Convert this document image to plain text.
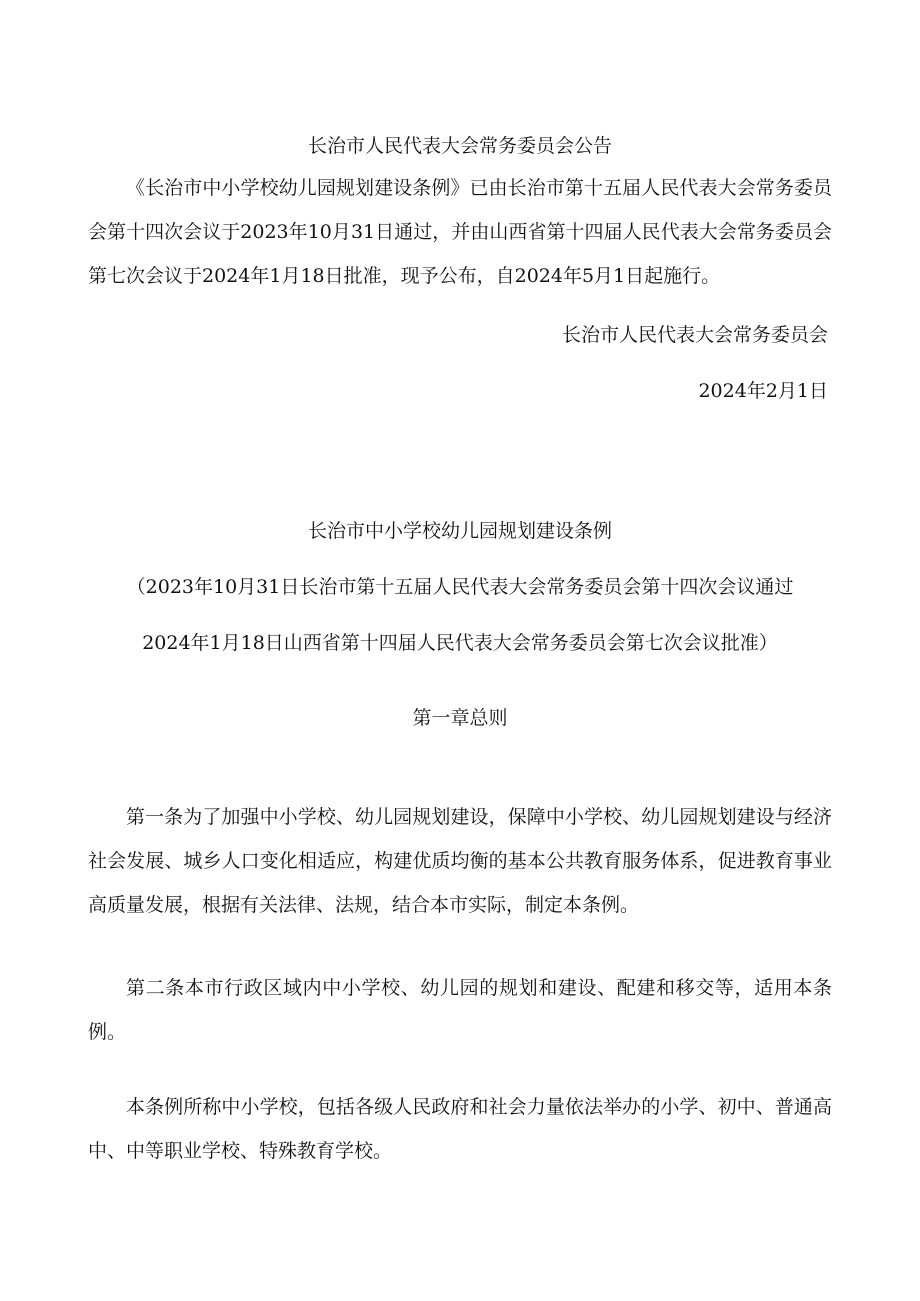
长治市人民代表大会常务委员会公告
《长治市中小学校幼儿园规划建设条例》已由长治市第十五届人民代表大会常务委员会第十四次会议于2023年10月31日通过，并由山西省第十四届人民代表大会常务委员会第七次会议于2024年1月18日批准，现予公布，自2024年5月1日起施行。
长治市人民代表大会常务委员会
2024年2月1日
长治市中小学校幼儿园规划建设条例
（2023年10月31日长治市第十五届人民代表大会常务委员会第十四次会议通过
2024年1月18日山西省第十四届人民代表大会常务委员会第七次会议批准）
第一章总则
第一条为了加强中小学校、幼儿园规划建设，保障中小学校、幼儿园规划建设与经济社会发展、城乡人口变化相适应，构建优质均衡的基本公共教育服务体系，促进教育事业高质量发展，根据有关法律、法规，结合本市实际，制定本条例。
第二条本市行政区域内中小学校、幼儿园的规划和建设、配建和移交等，适用本条例。
本条例所称中小学校，包括各级人民政府和社会力量依法举办的小学、初中、普通高中、中等职业学校、特殊教育学校。
